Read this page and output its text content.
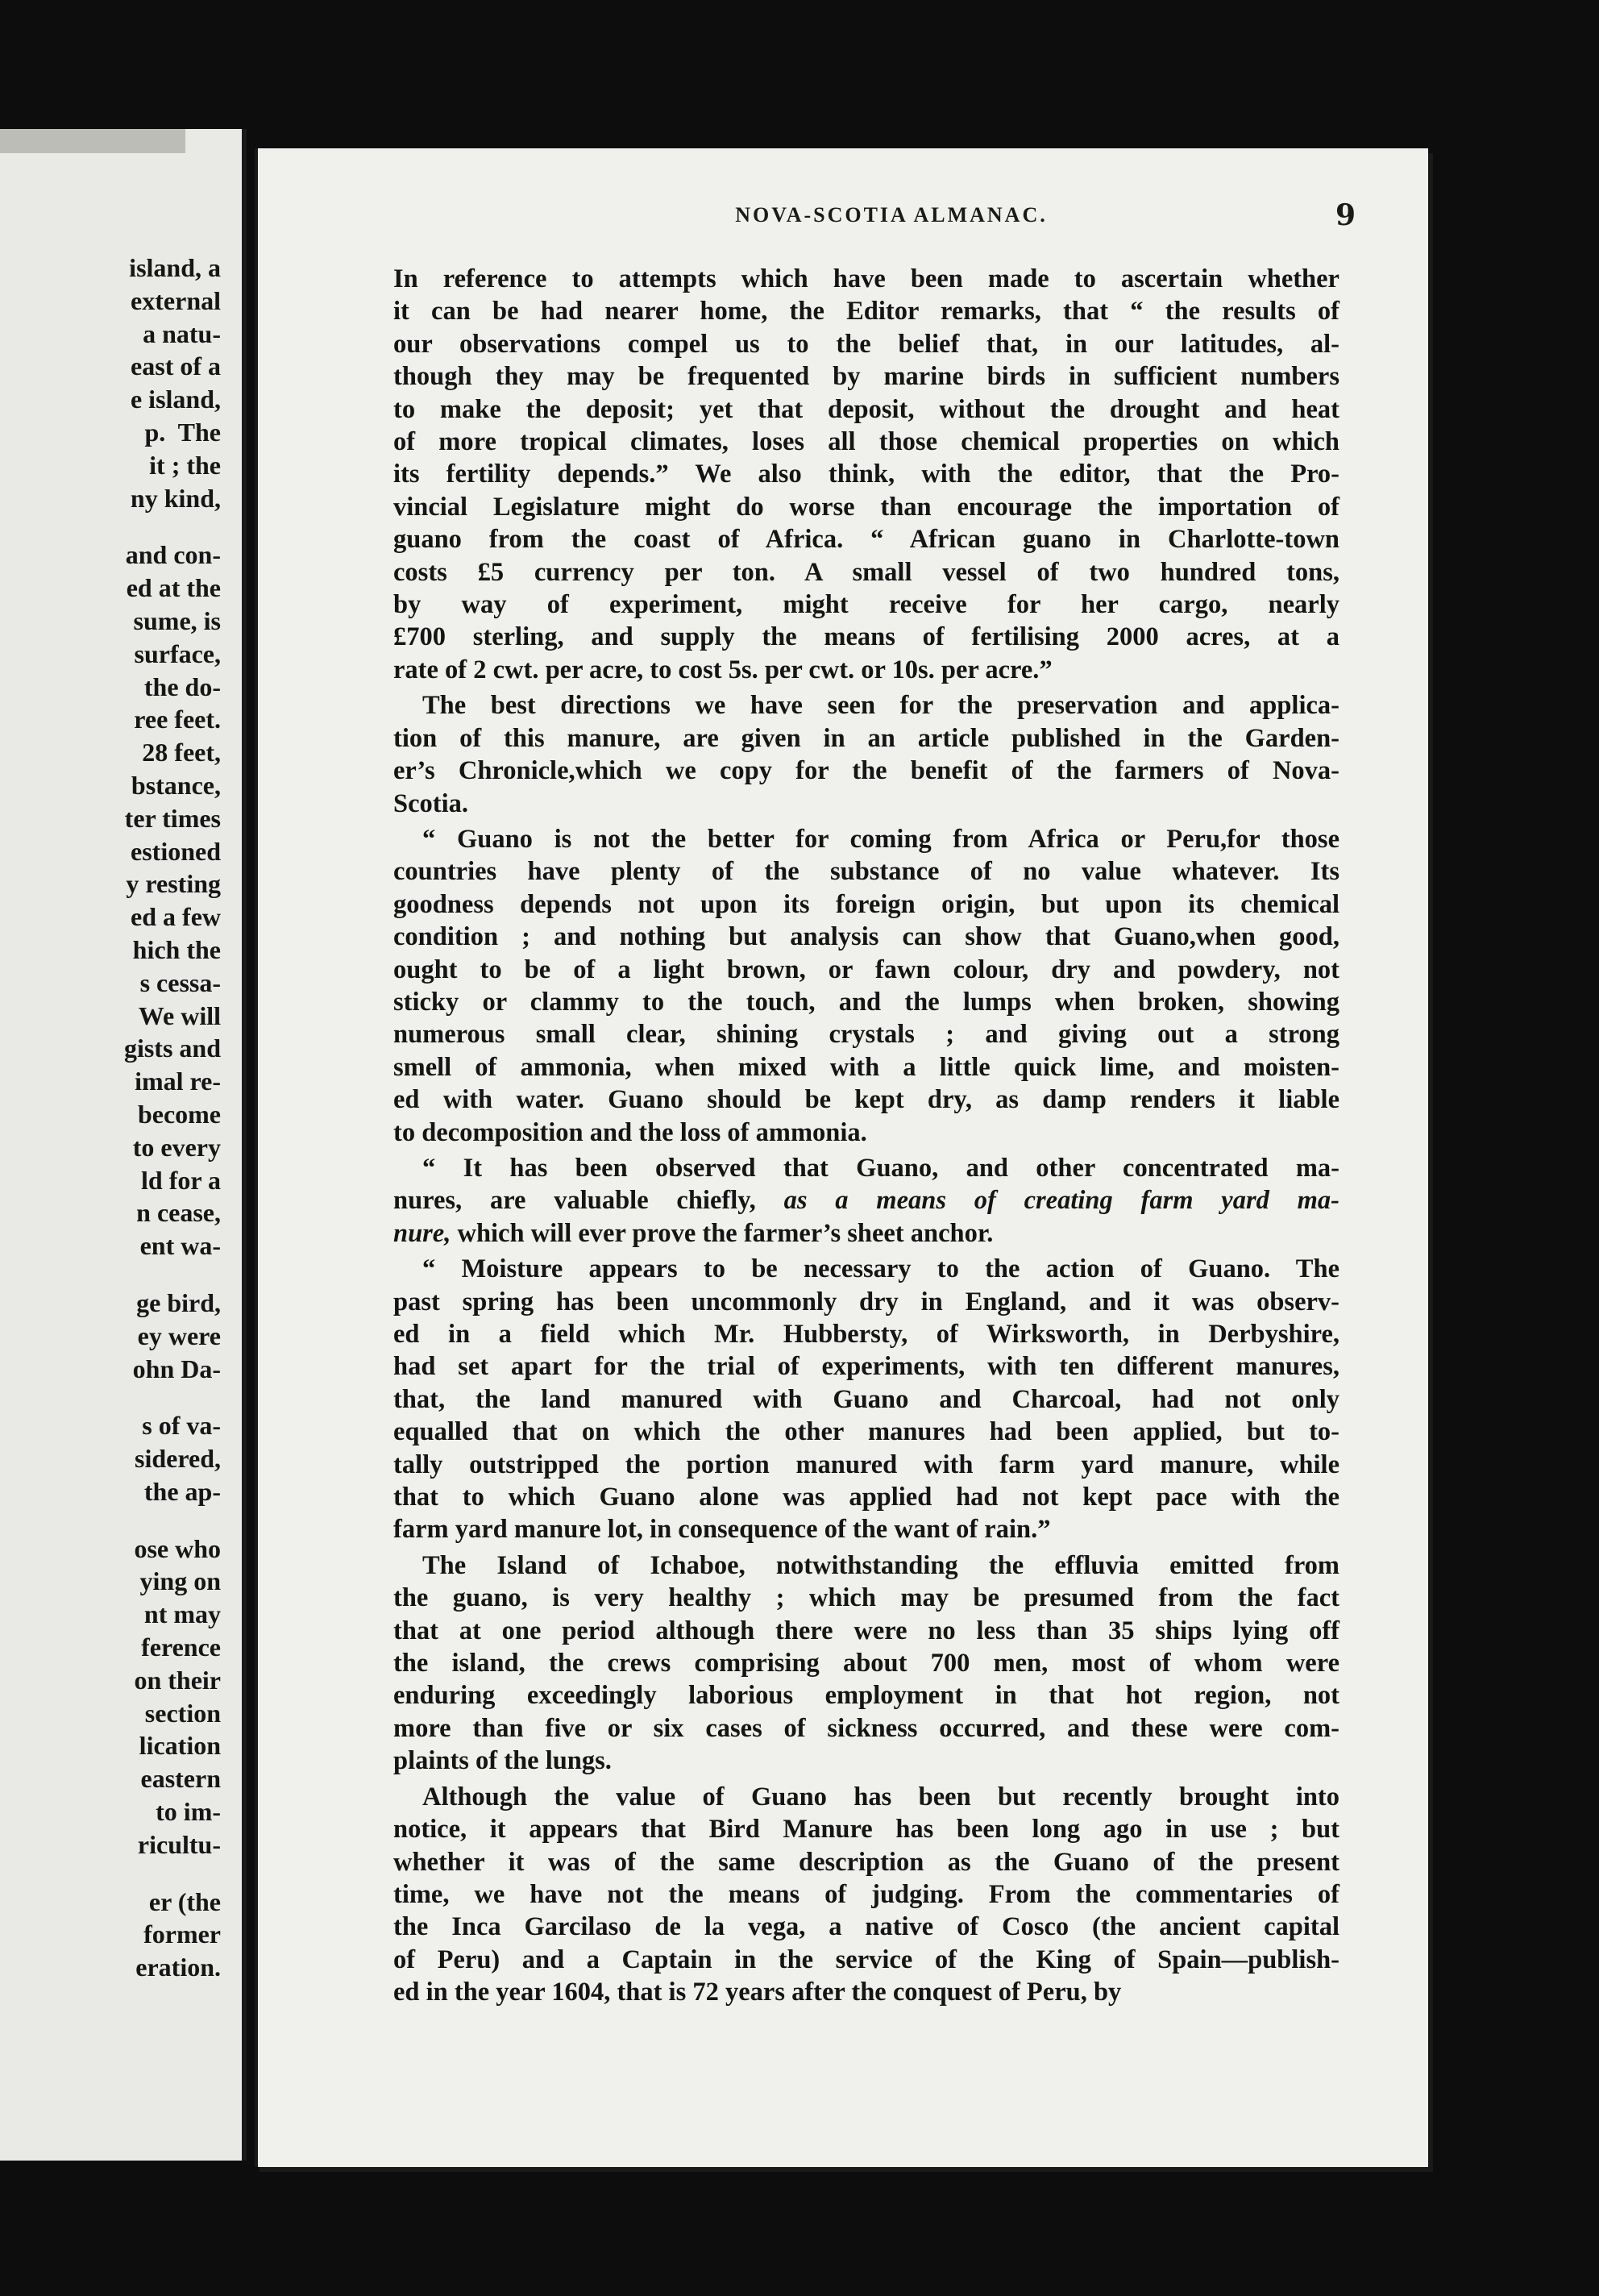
island, a
external
a natu-
east of a
e island,
p.  The
it ; the
ny kind,
and con-
ed at the
sume, is
surface,
the do-
ree feet.
28 feet,
bstance,
ter times
estioned
y resting
ed a few
hich the
s cessa-
We will
gists and
imal re-
become
to every
ld for a
n cease,
ent wa-
ge bird,
ey were
ohn Da-
s of va-
sidered,
the ap-
ose who
ying on
nt may
ference
on their
section
lication
eastern
to im-
ricultu-
er (the
former
eration.
NOVA-SCOTIA ALMANAC.	9
In reference to attempts which have been made to ascertain whether
it can be had nearer home, the Editor remarks, that “ the results of
our observations compel us to the belief that, in our latitudes, al-
though they may be frequented by marine birds in sufficient numbers
to make the deposit; yet that deposit, without the drought and heat
of more tropical climates, loses all those chemical properties on which
its fertility depends.” We also think, with the editor, that the Pro-
vincial Legislature might do worse than encourage the importation of
guano from the coast of Africa. “ African guano in Charlotte-town
costs £5 currency per ton. A small vessel of two hundred tons,
by way of experiment, might receive for her cargo, nearly
£700 sterling, and supply the means of fertilising 2000 acres, at a
rate of 2 cwt. per acre, to cost 5s. per cwt. or 10s. per acre.”
The best directions we have seen for the preservation and applica-
tion of this manure, are given in an article published in the Garden-
er’s Chronicle,which we copy for the benefit of the farmers of Nova-
Scotia.
“ Guano is not the better for coming from Africa or Peru,for those
countries have plenty of the substance of no value whatever. Its
goodness depends not upon its foreign origin, but upon its chemical
condition ; and nothing but analysis can show that Guano,when good,
ought to be of a light brown, or fawn colour, dry and powdery, not
sticky or clammy to the touch, and the lumps when broken, showing
numerous small clear, shining crystals ; and giving out a strong
smell of ammonia, when mixed with a little quick lime, and moisten-
ed with water. Guano should be kept dry, as damp renders it liable
to decomposition and the loss of ammonia.
“ It has been observed that Guano, and other concentrated ma-
nures, are valuable chiefly, as a means of creating farm yard ma-
nure, which will ever prove the farmer’s sheet anchor.
“ Moisture appears to be necessary to the action of Guano. The
past spring has been uncommonly dry in England, and it was observ-
ed in a field which Mr. Hubbersty, of Wirksworth, in Derbyshire,
had set apart for the trial of experiments, with ten different manures,
that, the land manured with Guano and Charcoal, had not only
equalled that on which the other manures had been applied, but to-
tally outstripped the portion manured with farm yard manure, while
that to which Guano alone was applied had not kept pace with the
farm yard manure lot, in consequence of the want of rain.”
The Island of Ichaboe, notwithstanding the effluvia emitted from
the guano, is very healthy ; which may be presumed from the fact
that at one period although there were no less than 35 ships lying off
the island, the crews comprising about 700 men, most of whom were
enduring exceedingly laborious employment in that hot region, not
more than five or six cases of sickness occurred, and these were com-
plaints of the lungs.
Although the value of Guano has been but recently brought into
notice, it appears that Bird Manure has been long ago in use ; but
whether it was of the same description as the Guano of the present
time, we have not the means of judging. From the commentaries of
the Inca Garcilaso de la vega, a native of Cosco (the ancient capital
of Peru) and a Captain in the service of the King of Spain—publish-
ed in the year 1604, that is 72 years after the conquest of Peru, by
